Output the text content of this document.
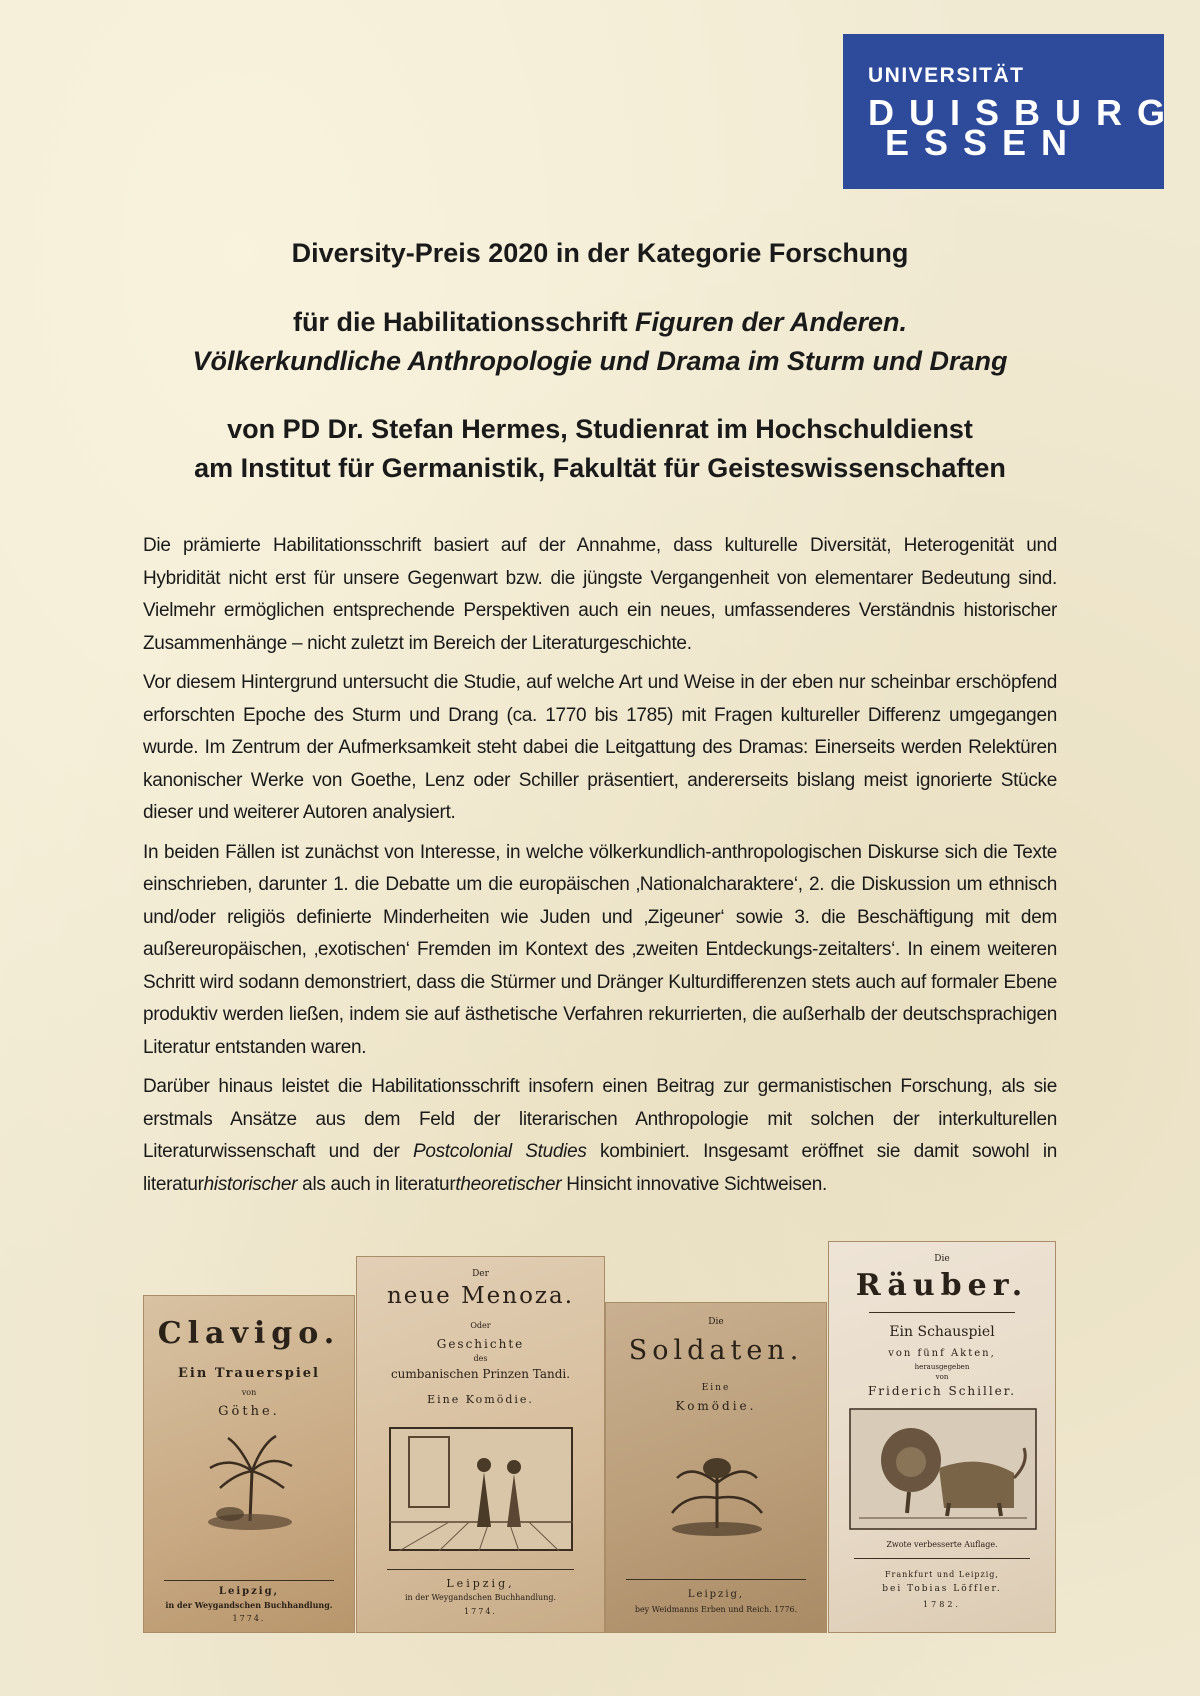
UNIVERSITÄT
DUISBURG
ESSEN
Diversity-Preis 2020 in der Kategorie Forschung
für die Habilitationsschrift Figuren der Anderen.
Völkerkundliche Anthropologie und Drama im Sturm und Drang
von PD Dr. Stefan Hermes, Studienrat im Hochschuldienst
am Institut für Germanistik, Fakultät für Geisteswissenschaften

Die prämierte Habilitationsschrift basiert auf der Annahme, dass kulturelle Diversität, Heterogenität und Hybridität nicht erst für unsere Gegenwart bzw. die jüngste Vergangenheit von elementarer Bedeutung sind. Vielmehr ermöglichen entsprechende Perspektiven auch ein neues, umfassenderes Verständnis historischer Zusammenhänge – nicht zuletzt im Bereich der Literaturgeschichte.

Vor diesem Hintergrund untersucht die Studie, auf welche Art und Weise in der eben nur scheinbar erschöpfend erforschten Epoche des Sturm und Drang (ca. 1770 bis 1785) mit Fragen kultureller Differenz umgegangen wurde. Im Zentrum der Aufmerksamkeit steht dabei die Leitgattung des Dramas: Einerseits werden Relektüren kanonischer Werke von Goethe, Lenz oder Schiller präsentiert, andererseits bislang meist ignorierte Stücke dieser und weiterer Autoren analysiert.

In beiden Fällen ist zunächst von Interesse, in welche völkerkundlich-anthropologischen Diskurse sich die Texte einschrieben, darunter 1. die Debatte um die europäischen ‚Nationalcharaktere‘, 2. die Diskussion um ethnisch und/oder religiös definierte Minderheiten wie Juden und ‚Zigeuner‘ sowie 3. die Beschäftigung mit dem außereuropäischen, ‚exotischen‘ Fremden im Kontext des ‚zweiten Entdeckungs-zeitalters‘. In einem weiteren Schritt wird sodann demonstriert, dass die Stürmer und Dränger Kulturdifferenzen stets auch auf formaler Ebene produktiv werden ließen, indem sie auf ästhetische Verfahren rekurrierten, die außerhalb der deutschsprachigen Literatur entstanden waren.

Darüber hinaus leistet die Habilitationsschrift insofern einen Beitrag zur germanistischen Forschung, als sie erstmals Ansätze aus dem Feld der literarischen Anthropologie mit solchen der interkulturellen Literaturwissenschaft und der Postcolonial Studies kombiniert. Insgesamt eröffnet sie damit sowohl in literaturhistorischer als auch in literaturtheoretischer Hinsicht innovative Sichtweisen.

Clavigo.
Ein Trauerspiel
von
Göthe.
Leipzig,
in der Weygandschen Buchhandlung.
1774.
Der
neue Menoza.
Oder
Geschichte
des
cumbanischen Prinzen Tandi.
Eine Komödie.
Leipzig,
in der Weygandschen Buchhandlung.
1774.
Die
Soldaten.
Eine
Komödie.
Leipzig,
bey Weidmanns Erben und Reich. 1776.
Die
Räuber.
Ein Schauspiel
von fünf Akten,
herausgegeben
von
Friderich Schiller.
Zwote verbesserte Auflage.
Frankfurt und Leipzig,
bei Tobias Löffler.
1782.
